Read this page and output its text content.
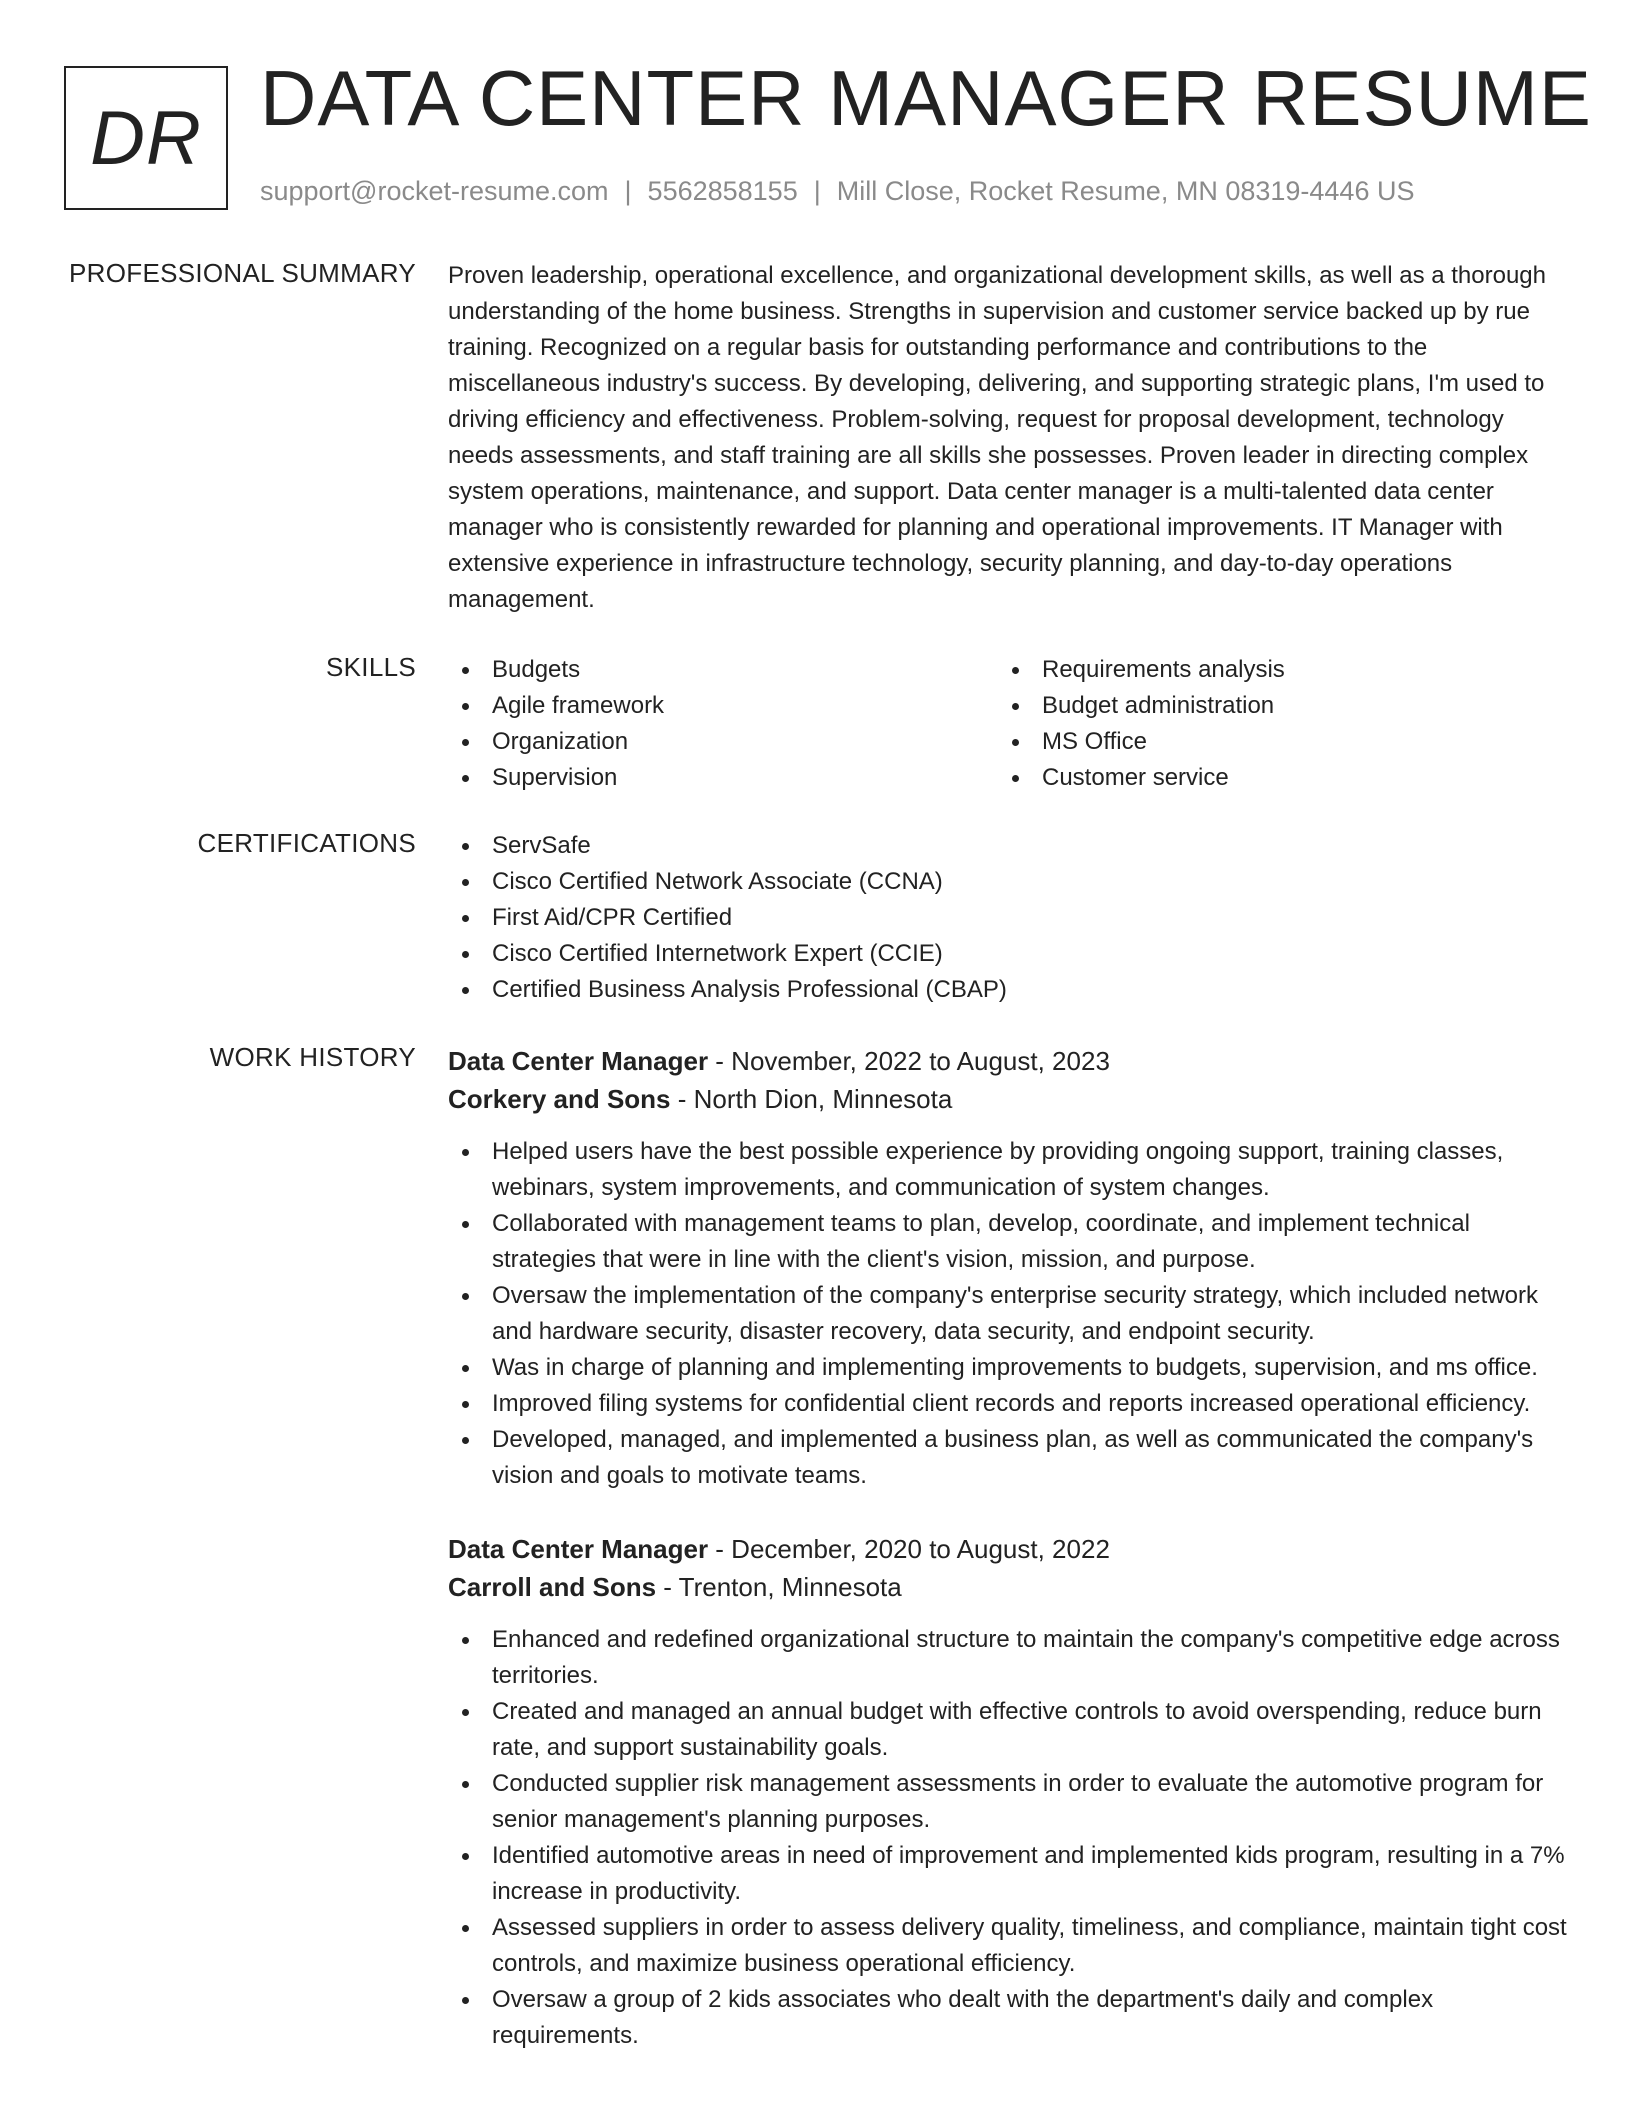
DR DATA CENTER MANAGER RESUME
support@rocket-resume.com | 5562858155 | Mill Close, Rocket Resume, MN 08319-4446 US
PROFESSIONAL SUMMARY Proven leadership, operational excellence, and organizational development skills, as well as a thorough understanding of the home business. Strengths in supervision and customer service backed up by rue training. Recognized on a regular basis for outstanding performance and contributions to the miscellaneous industry's success. By developing, delivering, and supporting strategic plans, I'm used to driving efficiency and effectiveness. Problem-solving, request for proposal development, technology needs assessments, and staff training are all skills she possesses. Proven leader in directing complex system operations, maintenance, and support. Data center manager is a multi-talented data center manager who is consistently rewarded for planning and operational improvements. IT Manager with extensive experience in infrastructure technology, security planning, and day-to-day operations management.
SKILLS	Budgets
Agile framework
Organization
Supervision
Requirements analysis
Budget administration
MS Office
Customer service
CERTIFICATIONS	ServSafe
Cisco Certified Network Associate (CCNA)
First Aid/CPR Certified
Cisco Certified Internetwork Expert (CCIE)
Certified Business Analysis Professional (CBAP)
WORK HISTORY Data Center Manager - November, 2022 to August, 2023
Corkery and Sons - North Dion, Minnesota
Helped users have the best possible experience by providing ongoing support, training classes, webinars, system improvements, and communication of system changes.
Collaborated with management teams to plan, develop, coordinate, and implement technical strategies that were in line with the client's vision, mission, and purpose.
Oversaw the implementation of the company's enterprise security strategy, which included network and hardware security, disaster recovery, data security, and endpoint security.
Was in charge of planning and implementing improvements to budgets, supervision, and ms office.
Improved filing systems for confidential client records and reports increased operational efficiency.
Developed, managed, and implemented a business plan, as well as communicated the company's vision and goals to motivate teams.
Data Center Manager - December, 2020 to August, 2022
Carroll and Sons - Trenton, Minnesota
Enhanced and redefined organizational structure to maintain the company's competitive edge across territories.
Created and managed an annual budget with effective controls to avoid overspending, reduce burn rate, and support sustainability goals.
Conducted supplier risk management assessments in order to evaluate the automotive program for senior management's planning purposes.
Identified automotive areas in need of improvement and implemented kids program, resulting in a 7% increase in productivity.
Assessed suppliers in order to assess delivery quality, timeliness, and compliance, maintain tight cost controls, and maximize business operational efficiency.
Oversaw a group of 2 kids associates who dealt with the department's daily and complex requirements.
